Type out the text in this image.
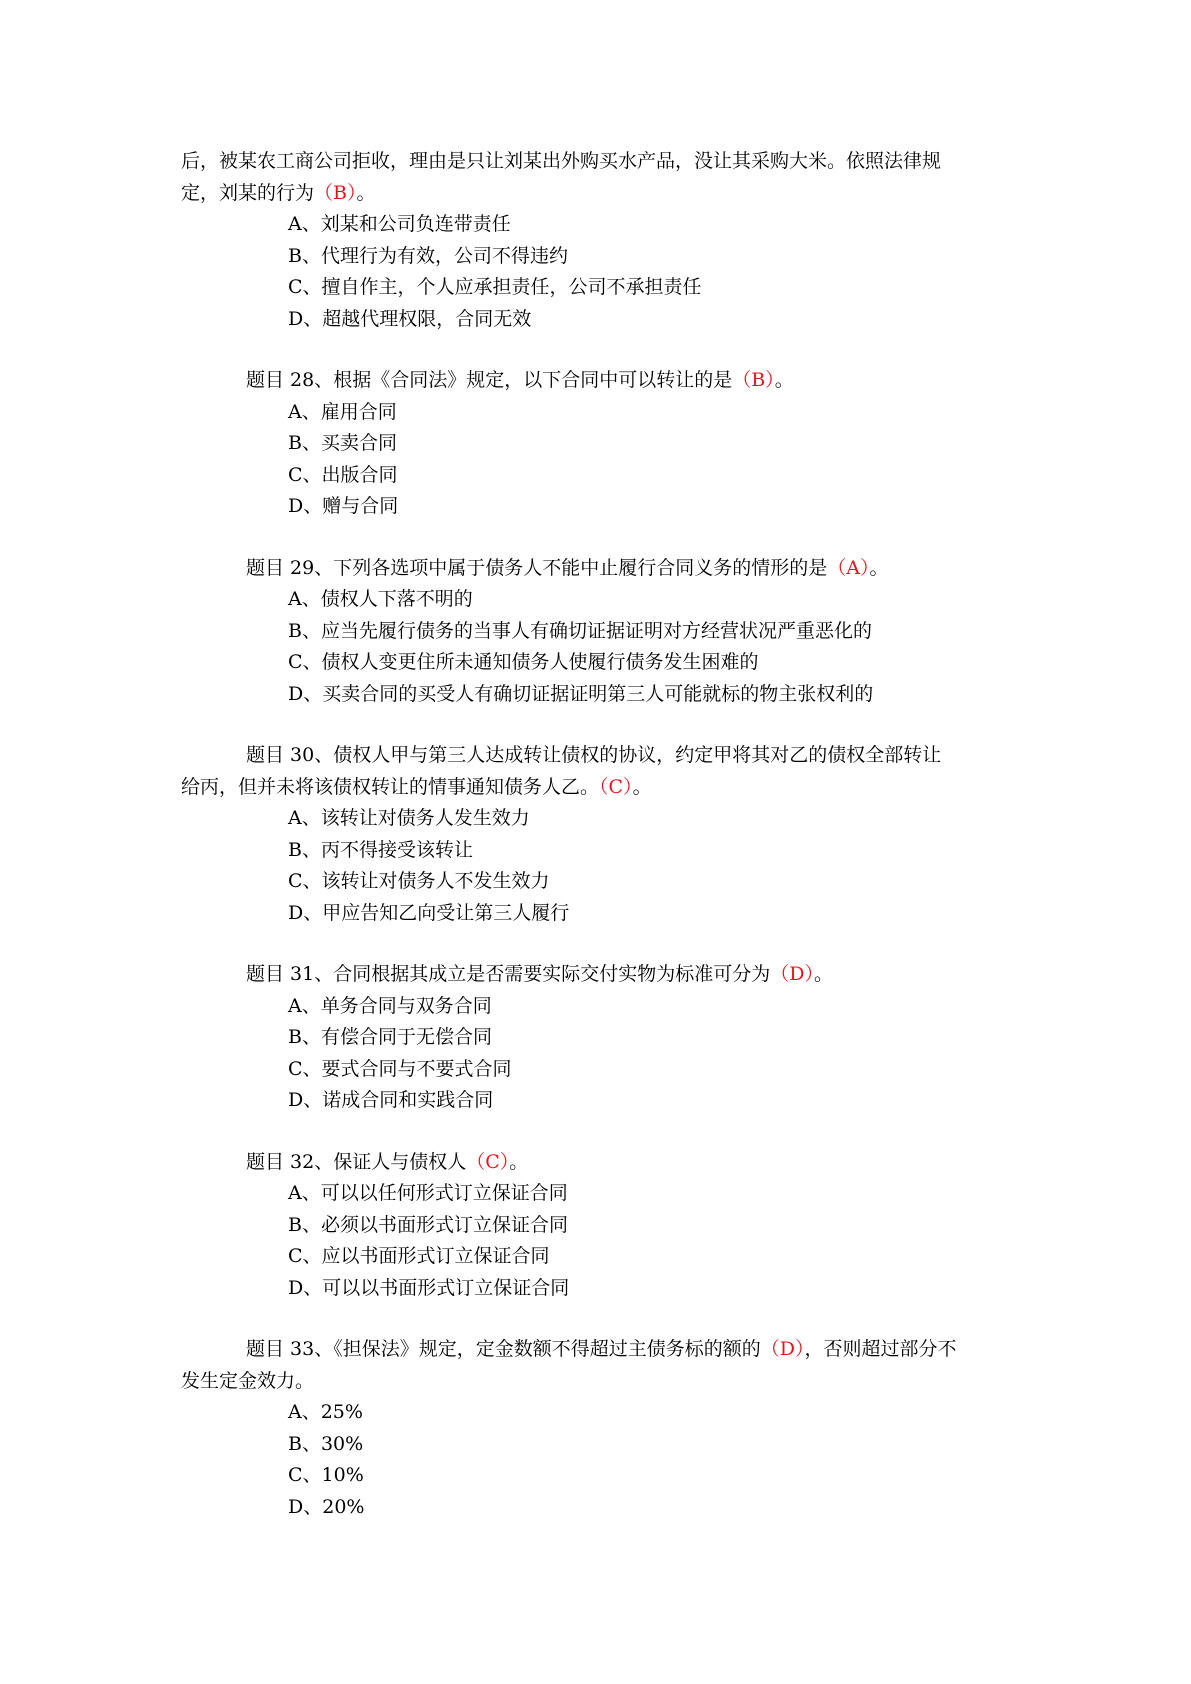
后，被某农工商公司拒收，理由是只让刘某出外购买水产品，没让其采购大米。依照法律规
定，刘某的行为（B）。
A、刘某和公司负连带责任
B、代理行为有效，公司不得违约
C、擅自作主，个人应承担责任，公司不承担责任
D、超越代理权限，合同无效
题目 28、根据《合同法》规定，以下合同中可以转让的是（B）。
A、雇用合同
B、买卖合同
C、出版合同
D、赠与合同
题目 29、下列各选项中属于债务人不能中止履行合同义务的情形的是（A）。
A、债权人下落不明的
B、应当先履行债务的当事人有确切证据证明对方经营状况严重恶化的
C、债权人变更住所未通知债务人使履行债务发生困难的
D、买卖合同的买受人有确切证据证明第三人可能就标的物主张权利的
题目 30、债权人甲与第三人达成转让债权的协议，约定甲将其对乙的债权全部转让
给丙，但并未将该债权转让的情事通知债务人乙。（C）。
A、该转让对债务人发生效力
B、丙不得接受该转让
C、该转让对债务人不发生效力
D、甲应告知乙向受让第三人履行
题目 31、合同根据其成立是否需要实际交付实物为标准可分为（D）。
A、单务合同与双务合同
B、有偿合同于无偿合同
C、要式合同与不要式合同
D、诺成合同和实践合同
题目 32、保证人与债权人（C）。
A、可以以任何形式订立保证合同
B、必须以书面形式订立保证合同
C、应以书面形式订立保证合同
D、可以以书面形式订立保证合同
题目 33、《担保法》规定，定金数额不得超过主债务标的额的（D），否则超过部分不
发生定金效力。
A、25%
B、30%
C、10%
D、20%
